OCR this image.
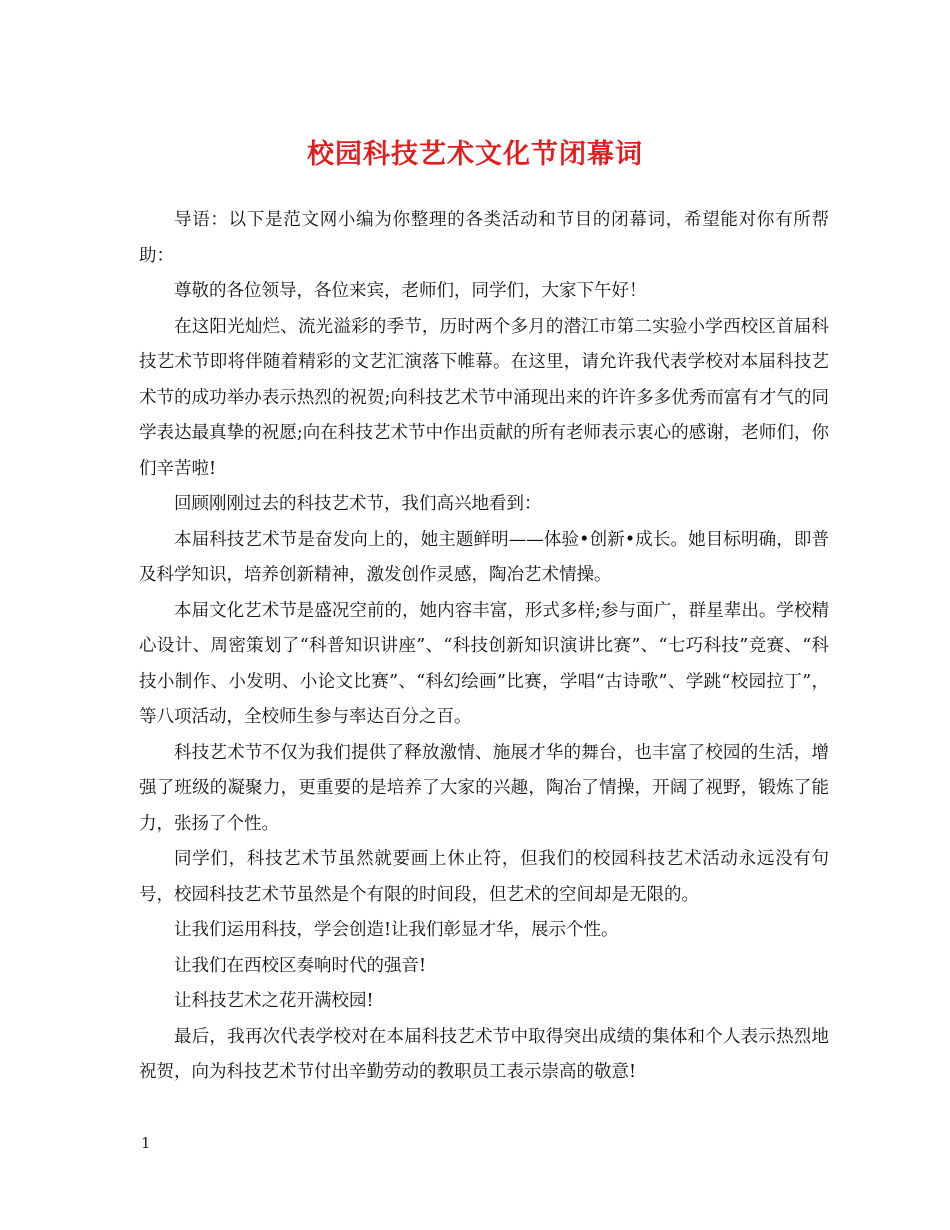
校园科技艺术文化节闭幕词

导语：以下是范文网小编为你整理的各类活动和节目的闭幕词，希望能对你有所帮助：

尊敬的各位领导，各位来宾，老师们，同学们，大家下午好！

在这阳光灿烂、流光溢彩的季节，历时两个多月的潜江市第二实验小学西校区首届科技艺术节即将伴随着精彩的文艺汇演落下帷幕。在这里，请允许我代表学校对本届科技艺术节的成功举办表示热烈的祝贺;向科技艺术节中涌现出来的许许多多优秀而富有才气的同学表达最真挚的祝愿;向在科技艺术节中作出贡献的所有老师表示衷心的感谢，老师们，你们辛苦啦!

回顾刚刚过去的科技艺术节，我们高兴地看到：

本届科技艺术节是奋发向上的，她主题鲜明——体验•创新•成长。她目标明确，即普及科学知识，培养创新精神，激发创作灵感，陶冶艺术情操。

本届文化艺术节是盛况空前的，她内容丰富，形式多样;参与面广，群星辈出。学校精心设计、周密策划了“科普知识讲座”、“科技创新知识演讲比赛”、“七巧科技”竞赛、“科技小制作、小发明、小论文比赛”、“科幻绘画”比赛，学唱“古诗歌”、学跳“校园拉丁”，等八项活动，全校师生参与率达百分之百。

科技艺术节不仅为我们提供了释放激情、施展才华的舞台，也丰富了校园的生活，增强了班级的凝聚力，更重要的是培养了大家的兴趣，陶冶了情操，开阔了视野，锻炼了能力，张扬了个性。

同学们，科技艺术节虽然就要画上休止符，但我们的校园科技艺术活动永远没有句号，校园科技艺术节虽然是个有限的时间段，但艺术的空间却是无限的。

让我们运用科技，学会创造!让我们彰显才华，展示个性。

让我们在西校区奏响时代的强音!

让科技艺术之花开满校园!

最后，我再次代表学校对在本届科技艺术节中取得突出成绩的集体和个人表示热烈地祝贺，向为科技艺术节付出辛勤劳动的教职员工表示崇高的敬意!

1
